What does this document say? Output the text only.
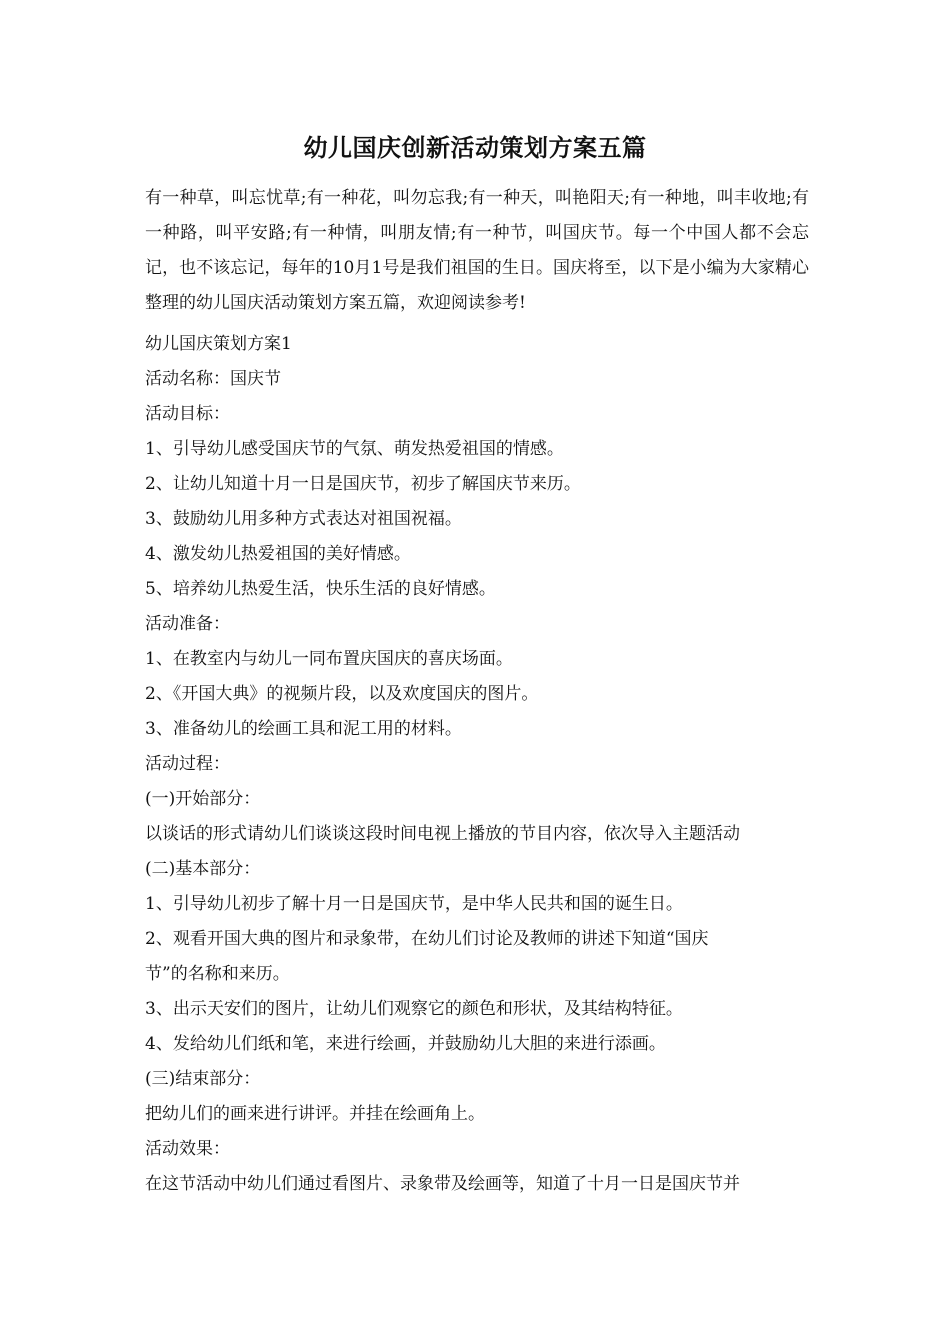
幼儿国庆创新活动策划方案五篇
有一种草，叫忘忧草;有一种花，叫勿忘我;有一种天，叫艳阳天;有一种地，叫丰收地;有一种路，叫平安路;有一种情，叫朋友情;有一种节，叫国庆节。每一个中国人都不会忘记，也不该忘记，每年的10月1号是我们祖国的生日。国庆将至，以下是小编为大家精心整理的幼儿国庆活动策划方案五篇，欢迎阅读参考!
幼儿国庆策划方案1
活动名称：国庆节
活动目标：
1、引导幼儿感受国庆节的气氛、萌发热爱祖国的情感。
2、让幼儿知道十月一日是国庆节，初步了解国庆节来历。
3、鼓励幼儿用多种方式表达对祖国祝福。
4、激发幼儿热爱祖国的美好情感。
5、培养幼儿热爱生活，快乐生活的良好情感。
活动准备：
1、在教室内与幼儿一同布置庆国庆的喜庆场面。
2、《开国大典》的视频片段，以及欢度国庆的图片。
3、准备幼儿的绘画工具和泥工用的材料。
活动过程：
(一)开始部分：
以谈话的形式请幼儿们谈谈这段时间电视上播放的节目内容，依次导入主题活动
(二)基本部分：
1、引导幼儿初步了解十月一日是国庆节，是中华人民共和国的诞生日。
2、观看开国大典的图片和录象带，在幼儿们讨论及教师的讲述下知道“国庆
节”的名称和来历。
3、出示天安们的图片，让幼儿们观察它的颜色和形状，及其结构特征。
4、发给幼儿们纸和笔，来进行绘画，并鼓励幼儿大胆的来进行添画。
(三)结束部分：
把幼儿们的画来进行讲评。并挂在绘画角上。
活动效果：
在这节活动中幼儿们通过看图片、录象带及绘画等，知道了十月一日是国庆节并
